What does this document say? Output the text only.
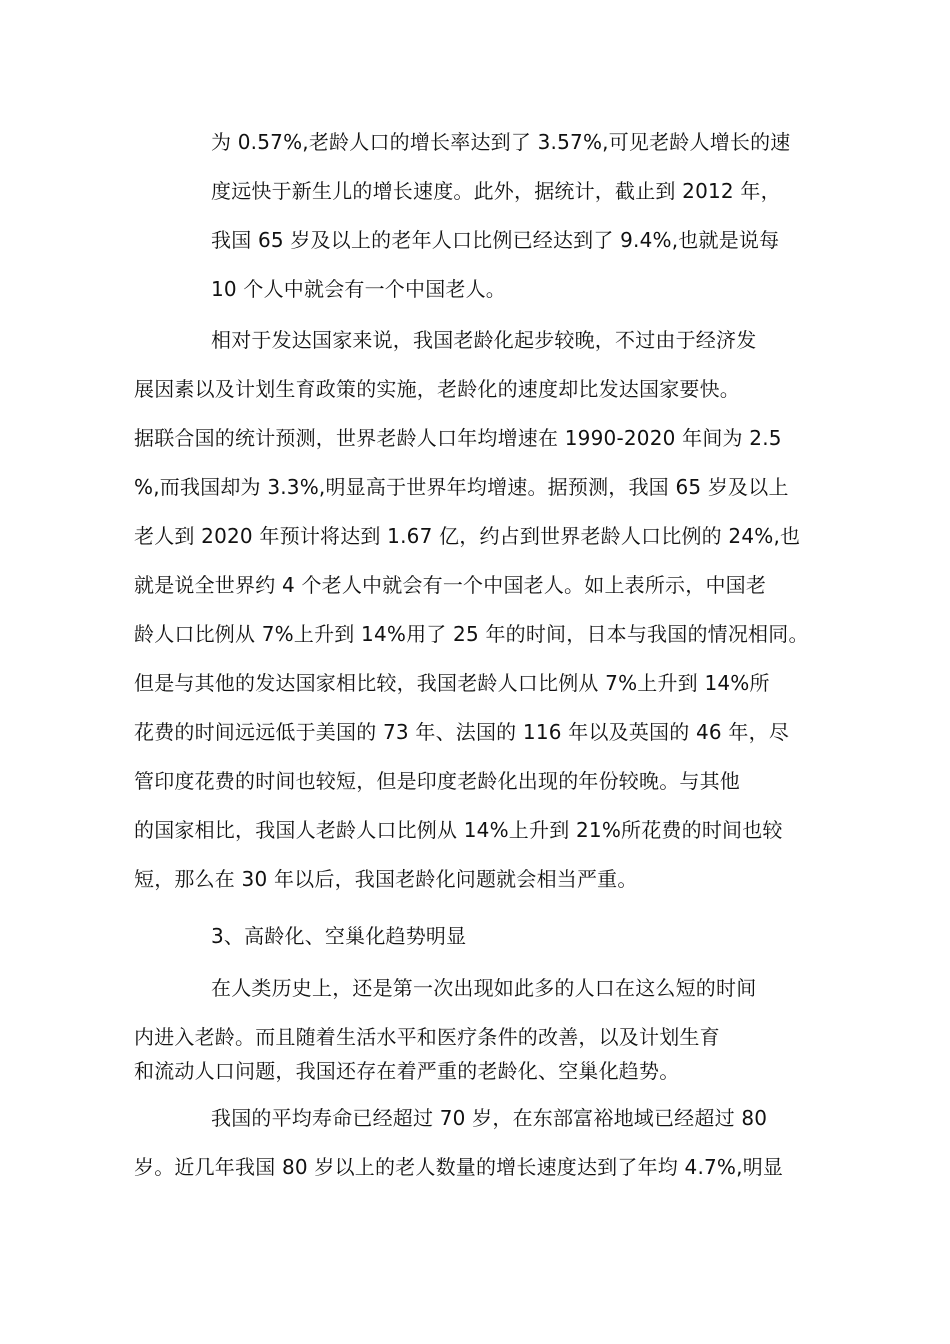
为 0.57%,老龄人口的增长率达到了 3.57%,可见老龄人增长的速
度远快于新生儿的增长速度。此外，据统计，截止到 2012 年，
我国 65 岁及以上的老年人口比例已经达到了 9.4%,也就是说每
10 个人中就会有一个中国老人。
相对于发达国家来说，我国老龄化起步较晚，不过由于经济发
展因素以及计划生育政策的实施，老龄化的速度却比发达国家要快。
据联合国的统计预测，世界老龄人口年均增速在 1990-2020 年间为 2.5
%,而我国却为 3.3%,明显高于世界年均增速。据预测，我国 65 岁及以上
老人到 2020 年预计将达到 1.67 亿，约占到世界老龄人口比例的 24%,也
就是说全世界约 4 个老人中就会有一个中国老人。如上表所示，中国老
龄人口比例从 7%上升到 14%用了 25 年的时间，日本与我国的情况相同。
但是与其他的发达国家相比较，我国老龄人口比例从 7%上升到 14%所
花费的时间远远低于美国的 73 年、法国的 116 年以及英国的 46 年，尽
管印度花费的时间也较短，但是印度老龄化出现的年份较晚。与其他
的国家相比，我国人老龄人口比例从 14%上升到 21%所花费的时间也较
短，那么在 30 年以后，我国老龄化问题就会相当严重。
3、高龄化、空巢化趋势明显
在人类历史上，还是第一次出现如此多的人口在这么短的时间
内进入老龄。而且随着生活水平和医疗条件的改善，以及计划生育
和流动人口问题，我国还存在着严重的老龄化、空巢化趋势。
我国的平均寿命已经超过 70 岁，在东部富裕地域已经超过 80
岁。近几年我国 80 岁以上的老人数量的增长速度达到了年均 4.7%,明显
